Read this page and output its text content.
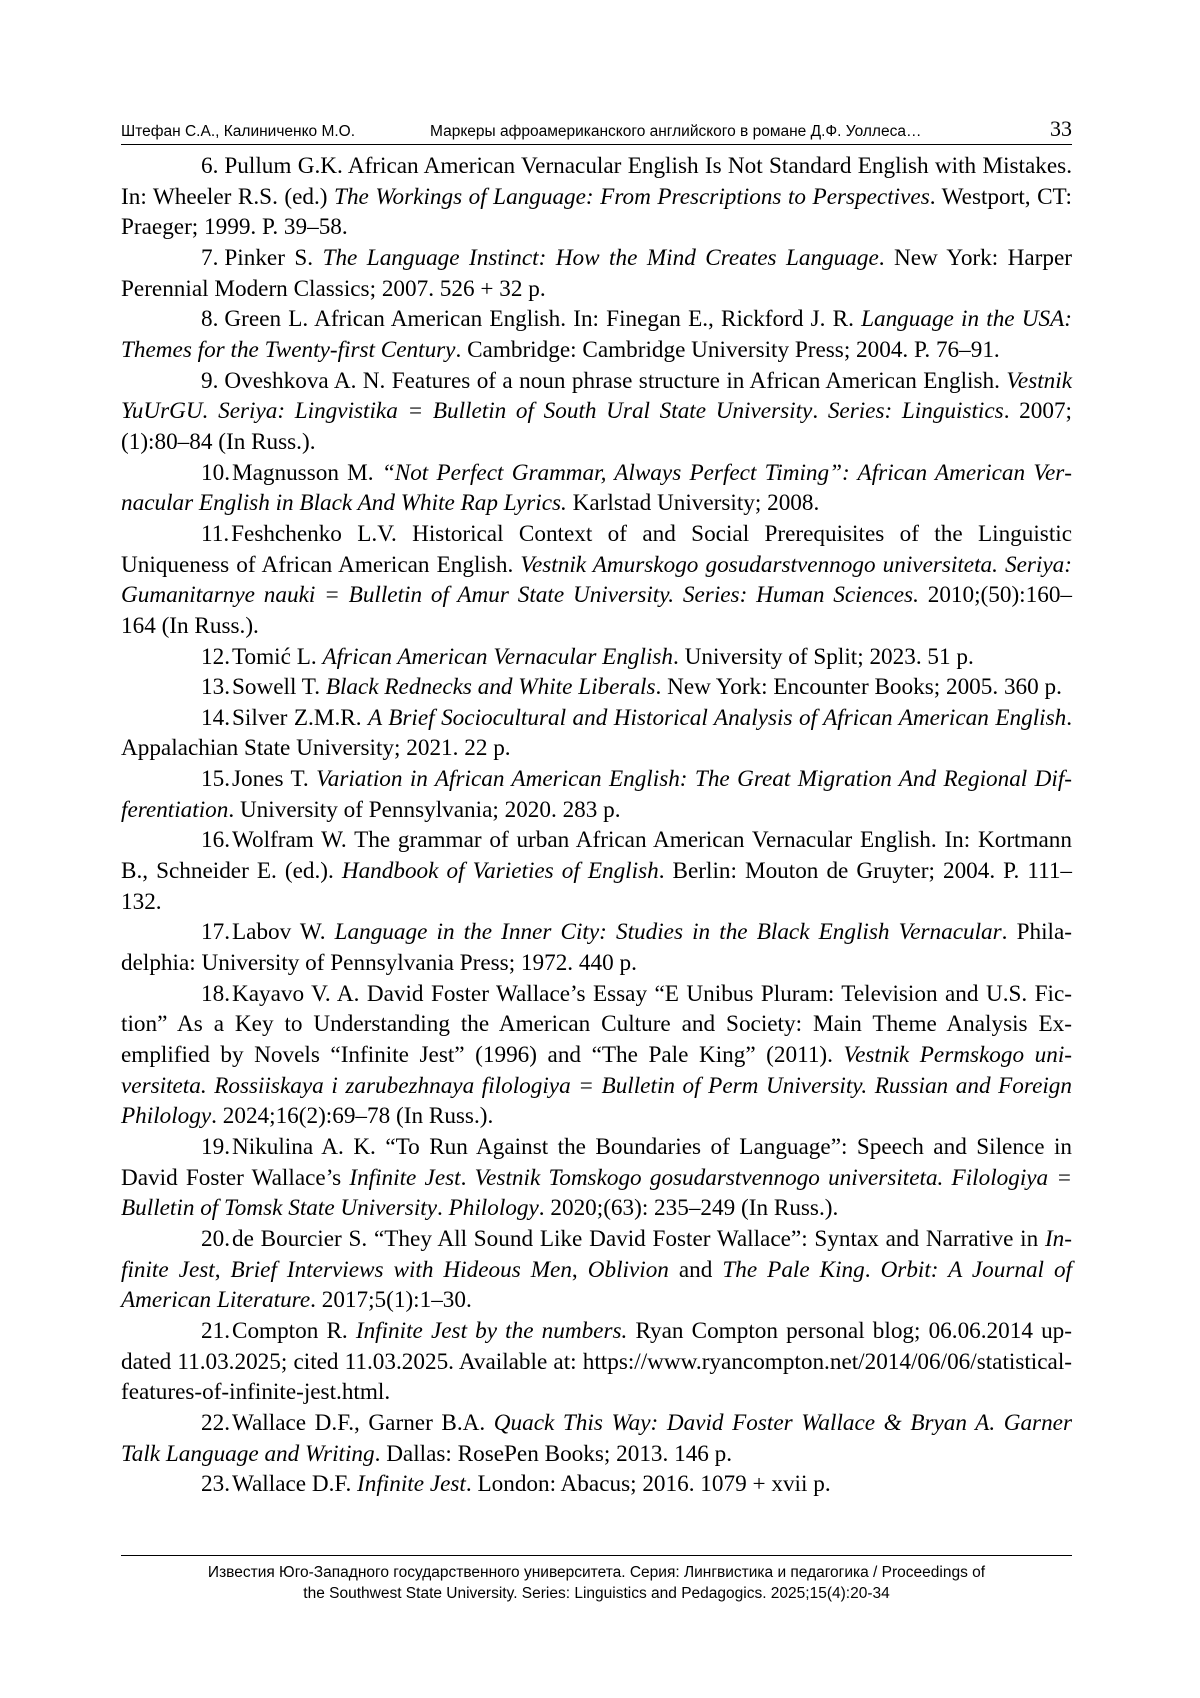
Штефан С.А., Калиниченко М.О.	Маркеры афроамериканского английского в романе Д.Ф. Уоллеса…	33

6. Pullum G.K. African American Vernacular English Is Not Standard English with Mistakes. In: Wheeler R.S. (ed.) The Workings of Language: From Prescriptions to Perspectives. Westport, CT: Praeger; 1999. P. 39–58.

7. Pinker S. The Language Instinct: How the Mind Creates Language. New York: Harper Perennial Modern Classics; 2007. 526 + 32 p.

8. Green L. African American English. In: Finegan E., Rickford J. R. Language in the USA: Themes for the Twenty-first Century. Cambridge: Cambridge University Press; 2004. P. 76–91.

9. Oveshkova A. N. Features of a noun phrase structure in African American English. Vestnik YuUrGU. Seriya: Lingvistika = Bulletin of South Ural State University. Series: Linguistics. 2007;(1):80–84 (In Russ.).

10.Magnusson M. “Not Perfect Grammar, Always Perfect Timing”: African American Vernacular English in Black And White Rap Lyrics. Karlstad University; 2008.

11.Feshchenko L.V. Historical Context of and Social Prerequisites of the Linguistic Uniqueness of African American English. Vestnik Amurskogo gosudarstvennogo universiteta. Seriya: Gumanitarnye nauki = Bulletin of Amur State University. Series: Human Sciences. 2010;(50):160–164 (In Russ.).

12.Tomić L. African American Vernacular English. University of Split; 2023. 51 p.

13.Sowell T. Black Rednecks and White Liberals. New York: Encounter Books; 2005. 360 p.

14.Silver Z.M.R. A Brief Sociocultural and Historical Analysis of African American English. Appalachian State University; 2021. 22 p.

15.Jones T. Variation in African American English: The Great Migration And Regional Differentiation. University of Pennsylvania; 2020. 283 p.

16.Wolfram W. The grammar of urban African American Vernacular English. In: Kortmann B., Schneider E. (ed.). Handbook of Varieties of English. Berlin: Mouton de Gruyter; 2004. P. 111–132.

17.Labov W. Language in the Inner City: Studies in the Black English Vernacular. Philadelphia: University of Pennsylvania Press; 1972. 440 p.

18.Kayavo V. A. David Foster Wallace’s Essay “E Unibus Pluram: Television and U.S. Fiction” As a Key to Understanding the American Culture and Society: Main Theme Analysis Exemplified by Novels “Infinite Jest” (1996) and “The Pale King” (2011). Vestnik Permskogo universiteta. Rossiiskaya i zarubezhnaya filologiya = Bulletin of Perm University. Russian and Foreign Philology. 2024;16(2):69–78 (In Russ.).

19.Nikulina A. K. “To Run Against the Boundaries of Language”: Speech and Silence in David Foster Wallace’s Infinite Jest. Vestnik Tomskogo gosudarstvennogo universiteta. Filologiya = Bulletin of Tomsk State University. Philology. 2020;(63): 235–249 (In Russ.).

20.de Bourcier S. “They All Sound Like David Foster Wallace”: Syntax and Narrative in Infinite Jest, Brief Interviews with Hideous Men, Oblivion and The Pale King. Orbit: A Journal of American Literature. 2017;5(1):1–30.

21.Compton R. Infinite Jest by the numbers. Ryan Compton personal blog; 06.06.2014 updated 11.03.2025; cited 11.03.2025. Available at: https://www.ryancompton.net/2014/06/06/statistical-features-of-infinite-jest.html.

22.Wallace D.F., Garner B.A. Quack This Way: David Foster Wallace & Bryan A. Garner Talk Language and Writing. Dallas: RosePen Books; 2013. 146 p.

23.Wallace D.F. Infinite Jest. London: Abacus; 2016. 1079 + xvii p.

Известия Юго-Западного государственного университета. Серия: Лингвистика и педагогика / Proceedings of
the Southwest State University. Series: Linguistics and Pedagogics. 2025;15(4):20-34
